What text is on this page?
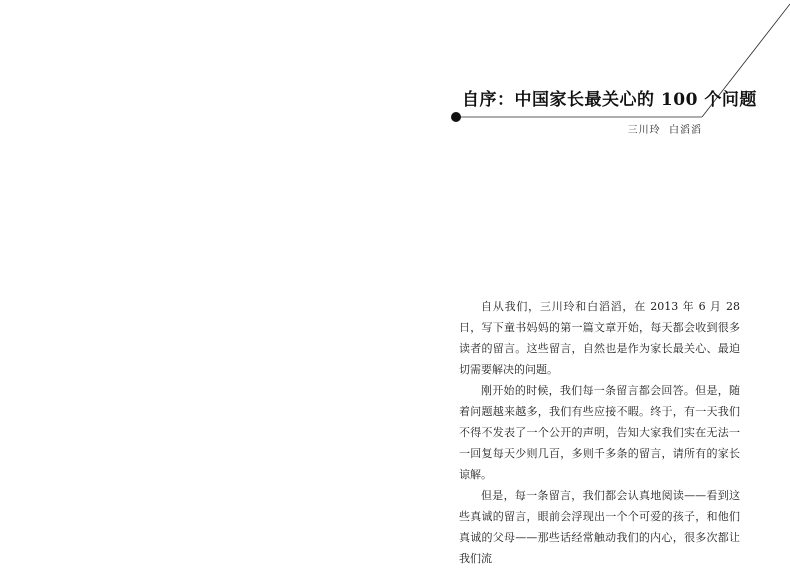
自序：中国家长最关心的 100 个问题
三川玲  白滔滔

自从我们，三川玲和白滔滔，在 2013 年 6 月 28 日，写下童书妈妈的第一篇文章开始，每天都会收到很多读者的留言。这些留言，自然也是作为家长最关心、最迫切需要解决的问题。

刚开始的时候，我们每一条留言都会回答。但是，随着问题越来越多，我们有些应接不暇。终于，有一天我们不得不发表了一个公开的声明，告知大家我们实在无法一一回复每天少则几百，多则千多条的留言，请所有的家长谅解。

但是，每一条留言，我们都会认真地阅读——看到这些真诚的留言，眼前会浮现出一个个可爱的孩子，和他们真诚的父母——那些话经常触动我们的内心，很多次都让我们流
